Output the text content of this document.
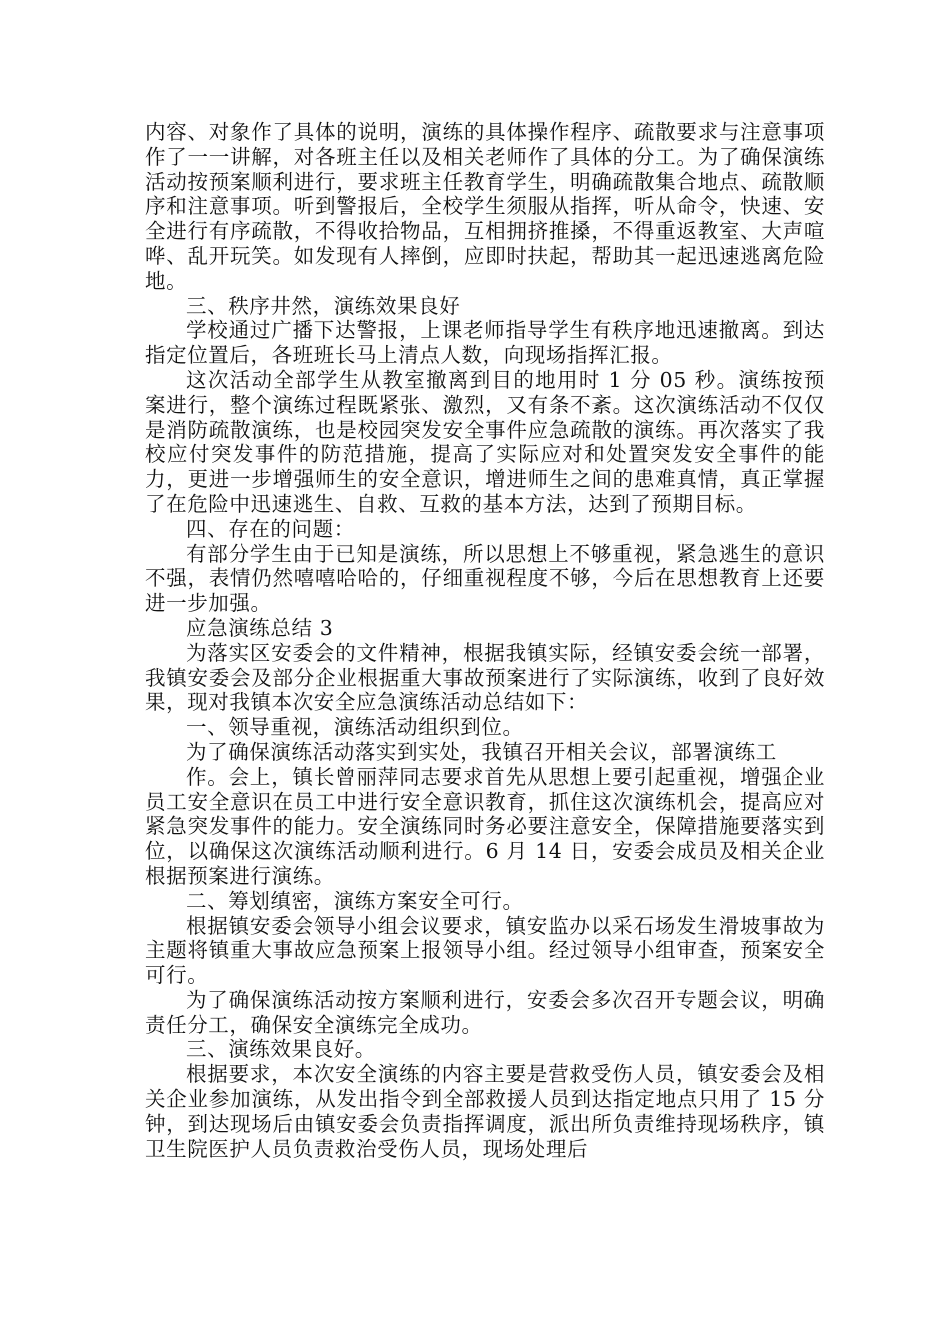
内容、对象作了具体的说明，演练的具体操作程序、疏散要求与注意事项作了一一讲解，对各班主任以及相关老师作了具体的分工。为了确保演练活动按预案顺利进行，要求班主任教育学生，明确疏散集合地点、疏散顺序和注意事项。听到警报后，全校学生须服从指挥，听从命令，快速、安全进行有序疏散，不得收拾物品，互相拥挤推搡，不得重返教室、大声喧哗、乱开玩笑。如发现有人摔倒，应即时扶起，帮助其一起迅速逃离危险地。

三、秩序井然，演练效果良好

学校通过广播下达警报，上课老师指导学生有秩序地迅速撤离。到达指定位置后，各班班长马上清点人数，向现场指挥汇报。

这次活动全部学生从教室撤离到目的地用时 1 分 05 秒。演练按预案进行，整个演练过程既紧张、激烈，又有条不紊。这次演练活动不仅仅是消防疏散演练，也是校园突发安全事件应急疏散的演练。再次落实了我校应付突发事件的防范措施，提高了实际应对和处置突发安全事件的能力，更进一步增强师生的安全意识，增进师生之间的患难真情，真正掌握了在危险中迅速逃生、自救、互救的基本方法，达到了预期目标。

四、存在的问题：

有部分学生由于已知是演练，所以思想上不够重视，紧急逃生的意识不强，表情仍然嘻嘻哈哈的，仔细重视程度不够，今后在思想教育上还要进一步加强。

应急演练总结 3

为落实区安委会的文件精神，根据我镇实际，经镇安委会统一部署，我镇安委会及部分企业根据重大事故预案进行了实际演练，收到了良好效果，现对我镇本次安全应急演练活动总结如下：

一、领导重视，演练活动组织到位。

为了确保演练活动落实到实处，我镇召开相关会议，部署演练工

作。会上，镇长曾丽萍同志要求首先从思想上要引起重视，增强企业员工安全意识在员工中进行安全意识教育，抓住这次演练机会，提高应对紧急突发事件的能力。安全演练同时务必要注意安全，保障措施要落实到位，以确保这次演练活动顺利进行。6 月 14 日，安委会成员及相关企业根据预案进行演练。

二、筹划缜密，演练方案安全可行。

根据镇安委会领导小组会议要求，镇安监办以采石场发生滑坡事故为主题将镇重大事故应急预案上报领导小组。经过领导小组审查，预案安全可行。

为了确保演练活动按方案顺利进行，安委会多次召开专题会议，明确责任分工，确保安全演练完全成功。

三、演练效果良好。

根据要求，本次安全演练的内容主要是营救受伤人员，镇安委会及相关企业参加演练，从发出指令到全部救援人员到达指定地点只用了 15 分钟，到达现场后由镇安委会负责指挥调度，派出所负责维持现场秩序，镇卫生院医护人员负责救治受伤人员，现场处理后
